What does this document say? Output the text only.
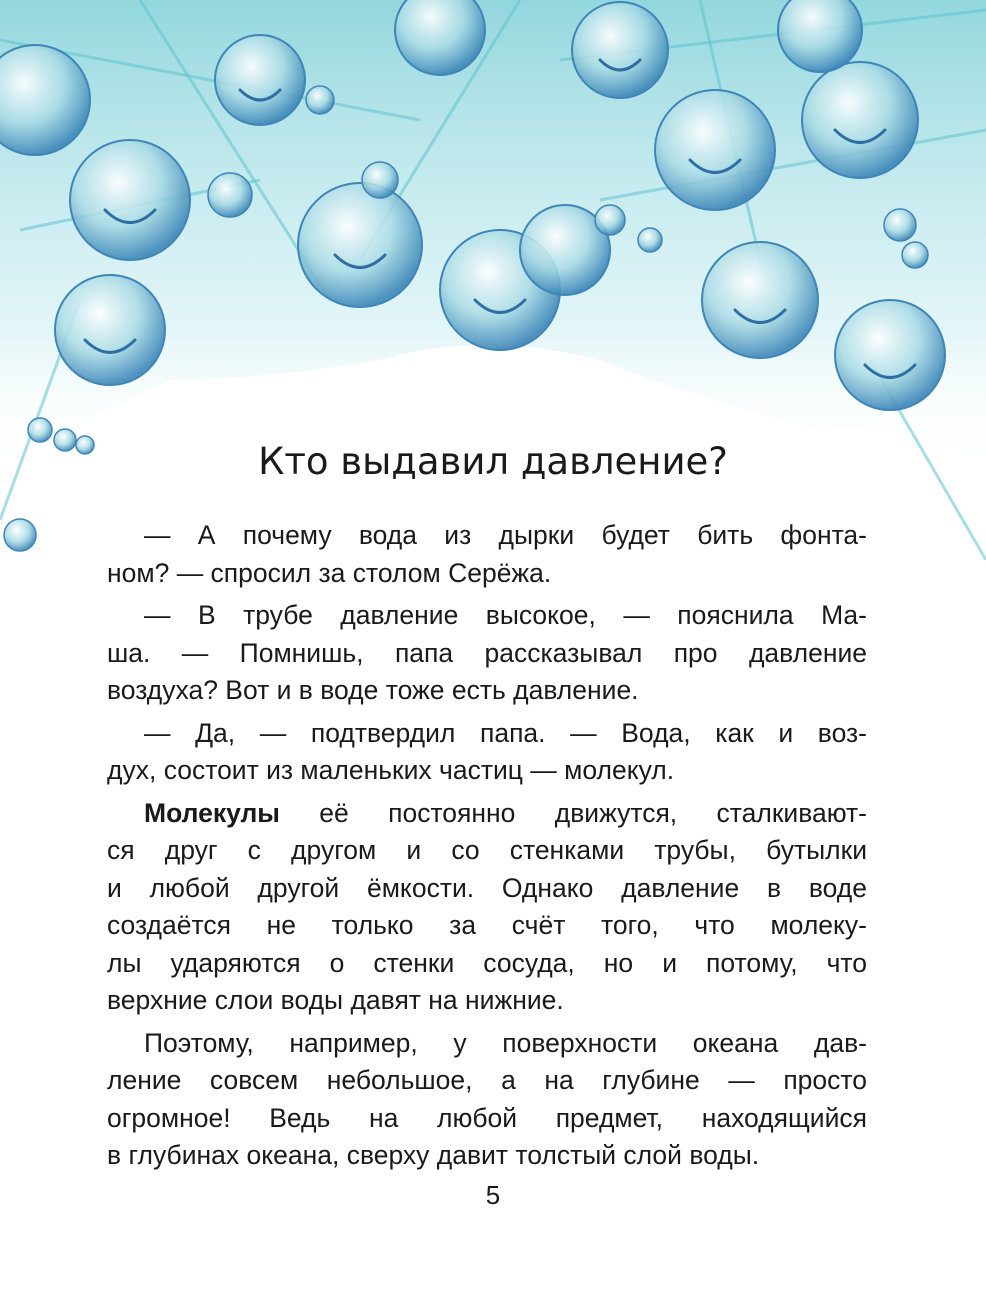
Кто выдавил давление?

— А почему вода из дырки будет бить фонта-
ном? — спросил за столом Серёжа.

— В трубе давление высокое, — пояснила Ма-
ша. — Помнишь, папа рассказывал про давление
воздуха? Вот и в воде тоже есть давление.

— Да, — подтвердил папа. — Вода, как и воз-
дух, состоит из маленьких частиц — молекул.

Молекулы её постоянно движутся, сталкивают-
ся друг с другом и со стенками трубы, бутылки
и любой другой ёмкости. Однако давление в воде
создаётся не только за счёт того, что молеку-
лы ударяются о стенки сосуда, но и потому, что
верхние слои воды давят на нижние.

Поэтому, например, у поверхности океана дав-
ление совсем небольшое, а на глубине — просто
огромное! Ведь на любой предмет, находящийся
в глубинах океана, сверху давит толстый слой воды.

5
